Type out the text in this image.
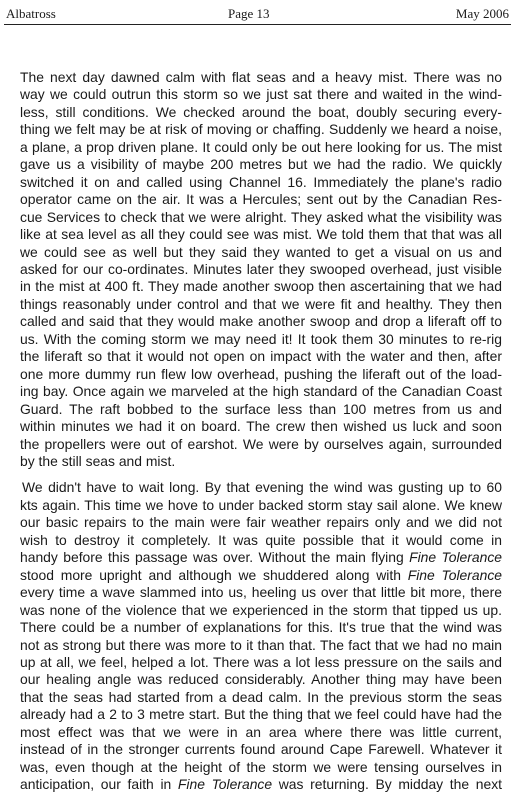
Albatross	Page 13	May 2006
The next day dawned calm with flat seas and a heavy mist. There was no
way we could outrun this storm so we just sat there and waited in the wind-
less, still conditions. We checked around the boat, doubly securing every-
thing we felt may be at risk of moving or chaffing. Suddenly we heard a noise,
a plane, a prop driven plane. It could only be out here looking for us. The mist
gave us a visibility of maybe 200 metres but we had the radio. We quickly
switched it on and called using Channel 16. Immediately the plane's radio
operator came on the air. It was a Hercules; sent out by the Canadian Res-
cue Services to check that we were alright. They asked what the visibility was
like at sea level as all they could see was mist. We told them that that was all
we could see as well but they said they wanted to get a visual on us and
asked for our co-ordinates. Minutes later they swooped overhead, just visible
in the mist at 400 ft. They made another swoop then ascertaining that we had
things reasonably under control and that we were fit and healthy. They then
called and said that they would make another swoop and drop a liferaft off to
us. With the coming storm we may need it! It took them 30 minutes to re-rig
the liferaft so that it would not open on impact with the water and then, after
one more dummy run flew low overhead, pushing the liferaft out of the load-
ing bay. Once again we marveled at the high standard of the Canadian Coast
Guard. The raft bobbed to the surface less than 100 metres from us and
within minutes we had it on board. The crew then wished us luck and soon
the propellers were out of earshot. We were by ourselves again, surrounded
by the still seas and mist.
We didn't have to wait long. By that evening the wind was gusting up to 60
kts again. This time we hove to under backed storm stay sail alone. We knew
our basic repairs to the main were fair weather repairs only and we did not
wish to destroy it completely. It was quite possible that it would come in
handy before this passage was over. Without the main flying Fine Tolerance
stood more upright and although we shuddered along with Fine Tolerance
every time a wave slammed into us, heeling us over that little bit more, there
was none of the violence that we experienced in the storm that tipped us up.
There could be a number of explanations for this. It's true that the wind was
not as strong but there was more to it than that. The fact that we had no main
up at all, we feel, helped a lot. There was a lot less pressure on the sails and
our healing angle was reduced considerably. Another thing may have been
that the seas had started from a dead calm. In the previous storm the seas
already had a 2 to 3 metre start. But the thing that we feel could have had the
most effect was that we were in an area where there was little current,
instead of in the stronger currents found around Cape Farewell. Whatever it
was, even though at the height of the storm we were tensing ourselves in
anticipation, our faith in Fine Tolerance was returning. By midday the next
